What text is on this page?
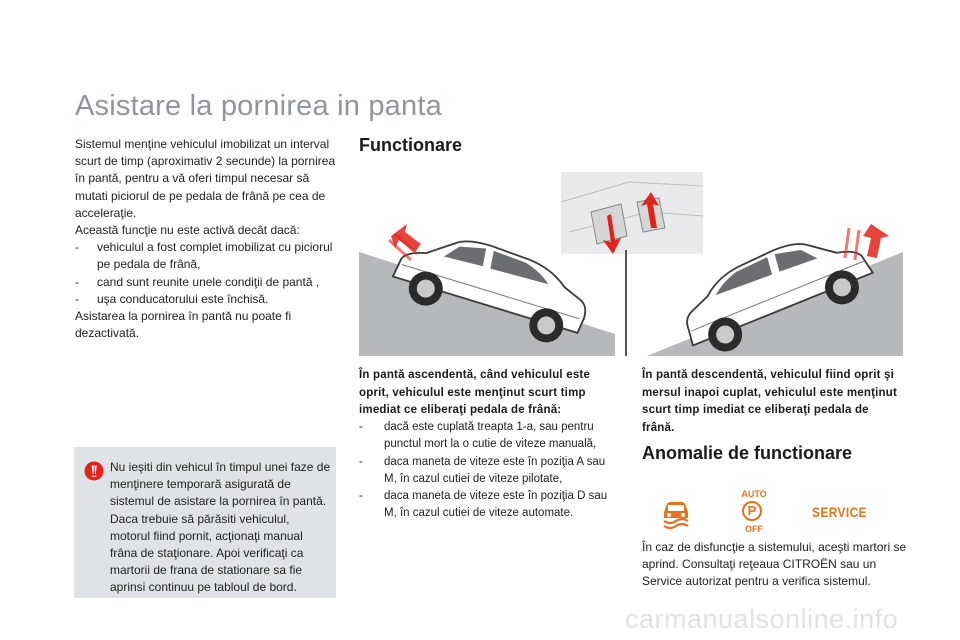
Asistare la pornirea in panta

Sistemul menţine vehiculul imobilizat un interval scurt de timp (aproximativ 2 secunde) la pornirea în pantă, pentru a vă oferi timpul necesar să mutati piciorul de pe pedala de frână pe cea de acceleraţie.

Această funcţie nu este activă decât dacă:

- vehiculul a fost complet imobilizat cu piciorul pe pedala de frână,

- cand sunt reunite unele condiţii de pantă ,

- uşa conducatorului este închisă.

Asistarea la pornirea în pantă nu poate fi dezactivată.

Nu ieşiti din vehicul în timpul unei faze de menţinere temporară asigurată de sistemul de asistare la pornirea în pantă. Daca trebuie să părăsiti vehiculul, motorul fiind pornit, acţionaţi manual frâna de staţionare. Apoi verificaţi ca martorii de frana de stationare sa fie aprinsi continuu pe tabloul de bord.
Functionare
În pantă ascendentă, când vehiculul este oprit, vehiculul este menţinut scurt timp imediat ce eliberaţi pedala de frână:

- dacă este cuplată treapta 1-a, sau pentru punctul mort la o cutie de viteze manuală,

- daca maneta de viteze este în poziţia A sau M, în cazul cutiei de viteze pilotate,

- daca maneta de viteze este în poziţia D sau M, în cazul cutiei de viteze automate.

În pantă descendentă, vehiculul fiind oprit şi mersul inapoi cuplat, vehiculul este menţinut scurt timp imediat ce eliberaţi pedala de frână.
Anomalie de functionare
AUTO
P
OFF
SERVICE
În caz de disfuncţie a sistemului, aceşti martori se aprind. Consultaţi reţeaua CITROËN sau un Service autorizat pentru a verifica sistemul.
carmanualsonline.info
